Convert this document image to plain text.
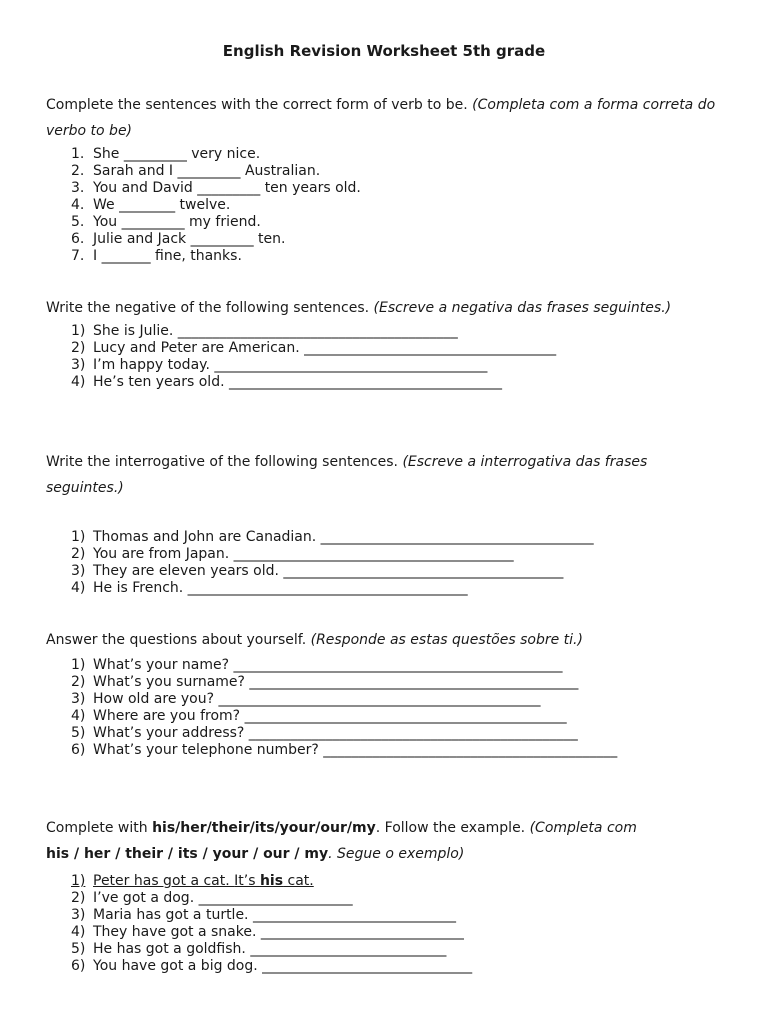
English Revision Worksheet 5th grade

Complete the sentences with the correct form of verb to be. (Completa com a forma correta do verbo to be)

1. She _________ very nice.
2. Sarah and I _________ Australian.
3. You and David _________ ten years old.
4. We ________ twelve.
5. You _________ my friend.
6. Julie and Jack _________ ten.
7. I _______ fine, thanks.

Write the negative of the following sentences. (Escreve a negativa das frases seguintes.)

1) She is Julie. ________________________________________
2) Lucy and Peter are American. ____________________________________
3) I’m happy today. _______________________________________
4) He’s ten years old. _______________________________________

Write the interrogative of the following sentences. (Escreve a interrogativa das frases seguintes.)

1) Thomas and John are Canadian. _______________________________________
2) You are from Japan. ________________________________________
3) They are eleven years old. ________________________________________
4) He is French. ________________________________________

Answer the questions about yourself. (Responde as estas questões sobre ti.)

1) What’s your name? _______________________________________________
2) What’s you surname? _______________________________________________
3) How old are you? ______________________________________________
4) Where are you from? ______________________________________________
5) What’s your address? _______________________________________________
6) What’s your telephone number? __________________________________________

Complete with his/her/their/its/your/our/my. Follow the example. (Completa com
his / her / their / its / your / our / my. Segue o exemplo)

1) Peter has got a cat. It’s his cat.
2) I’ve got a dog. ______________________
3) Maria has got a turtle. _____________________________
4) They have got a snake. _____________________________
5) He has got a goldfish. ____________________________
6) You have got a big dog. ______________________________
